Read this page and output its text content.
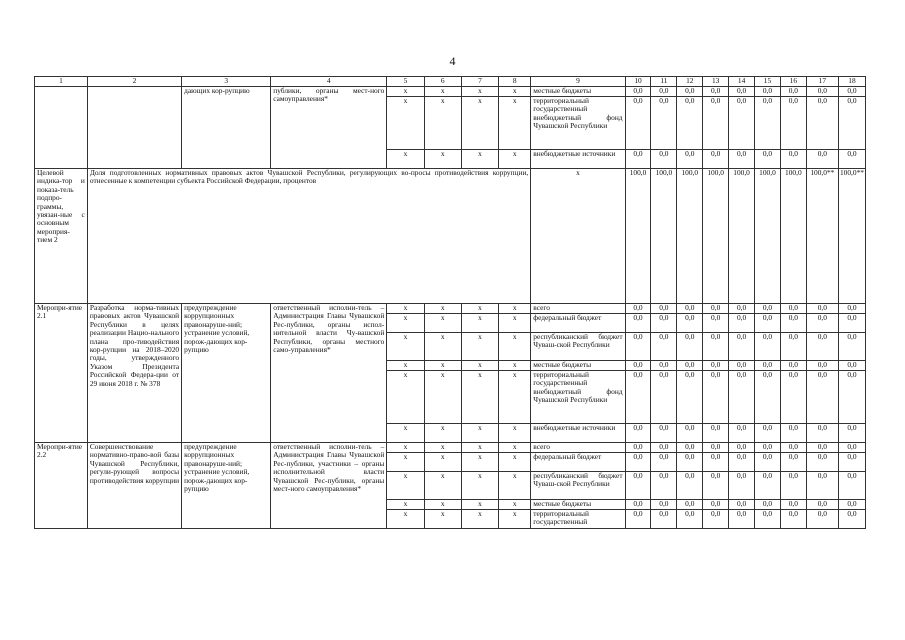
4
1	2	3	4	5	6	7	8	9	10	11	12	13	14	15	16	17	18
		дающих кор-рупцию	публики, органы мест-ного самоуправления*	х	х	х	х	местные бюджеты	0,0	0,0	0,0	0,0	0,0	0,0	0,0	0,0	0,0
				х	х	х	х	территориальный государственный внебюджетный фонд Чувашской Республики	0,0	0,0	0,0	0,0	0,0	0,0	0,0	0,0	0,0
				х	х	х	х	внебюджетные источники	0,0	0,0	0,0	0,0	0,0	0,0	0,0	0,0	0,0
Целевой индика-тор и показа-тель подпро-граммы, увязан-ные с основным мероприя-тием 2	Доля подготовленных нормативных правовых актов Чувашской Республики, регулирующих во-просы противодействия коррупции, отнесенные к компетенции субъекта Российской Федерации, процентов							х	100,0	100,0	100,0	100,0	100,0	100,0	100,0	100,0**	100,0**
Меропри-ятие 2.1	Разработка норма-тивных правовых актов Чувашской Республики в целях реализации Нацио-нального плана про-тиводействия кор-рупции на 2018–2020 годы, утвержденного Указом Президента Российской Федера-ции от 29 июня 2018 г. № 378	предупреждение коррупционных правонаруше-ний; устранение условий, порож-дающих кор-рупцию	ответственный исполни-тель – Администрация Главы Чувашской Рес-публики, органы испол-нительной власти Чу-вашской Республики, органы местного само-управления*	х	х	х	х	всего	0,0	0,0	0,0	0,0	0,0	0,0	0,0	0,0	0,0
				х	х	х	х	федеральный бюджет	0,0	0,0	0,0	0,0	0,0	0,0	0,0	0,0	0,0
				х	х	х	х	республиканский бюджет Чуваш-ской Республики	0,0	0,0	0,0	0,0	0,0	0,0	0,0	0,0	0,0
				х	х	х	х	местные бюджеты	0,0	0,0	0,0	0,0	0,0	0,0	0,0	0,0	0,0
				х	х	х	х	территориальный государственный внебюджетный фонд Чувашской Республики	0,0	0,0	0,0	0,0	0,0	0,0	0,0	0,0	0,0
				х	х	х	х	внебюджетные источники	0,0	0,0	0,0	0,0	0,0	0,0	0,0	0,0	0,0
Меропри-ятие 2.2	Совершенствование нормативно-право-вой базы Чувашской Республики, регули-рующей вопросы противодействия коррупции	предупреждение коррупционных правонаруше-ний; устранение условий, порож-дающих кор-рупцию	ответственный исполни-тель – Администрация Главы Чувашской Рес-публики, участники – органы исполнительной власти Чувашской Рес-публики, органы мест-ного самоуправления*	х	х	х	х	всего	0,0	0,0	0,0	0,0	0,0	0,0	0,0	0,0	0,0
				х	х	х	х	федеральный бюджет	0,0	0,0	0,0	0,0	0,0	0,0	0,0	0,0	0,0
				х	х	х	х	республиканский бюджет Чуваш-ской Республики	0,0	0,0	0,0	0,0	0,0	0,0	0,0	0,0	0,0
				х	х	х	х	местные бюджеты	0,0	0,0	0,0	0,0	0,0	0,0	0,0	0,0	0,0
				х	х	х	х	территориальный государственный	0,0	0,0	0,0	0,0	0,0	0,0	0,0	0,0	0,0
